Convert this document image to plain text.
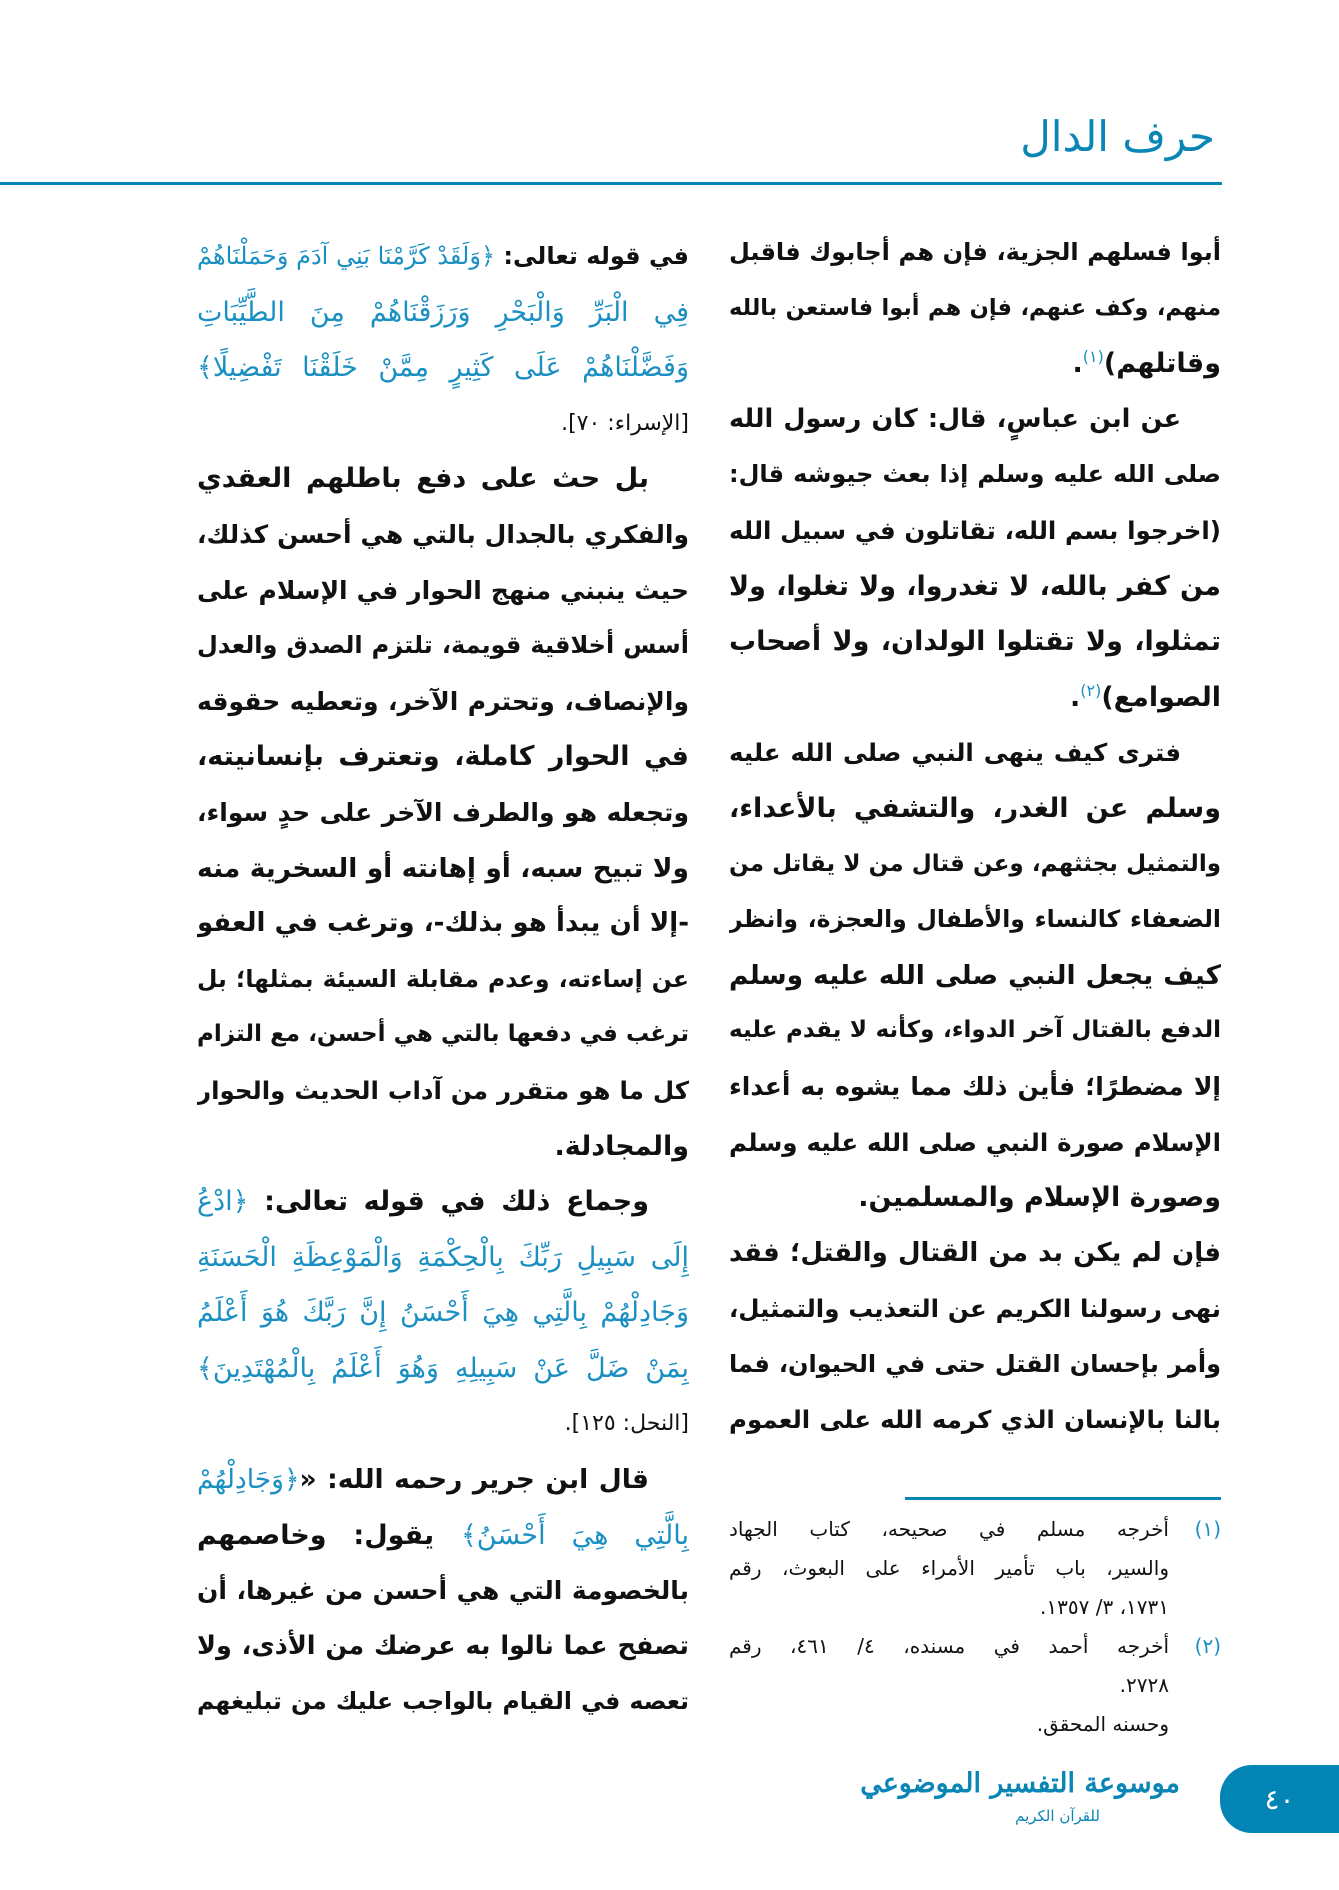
حرف الدال
أبوا فسلهم الجزية، فإن هم أجابوك فاقبل
منهم، وكف عنهم، فإن هم أبوا فاستعن بالله
وقاتلهم)$^{(١)}$.
عن ابن عباسٍ، قال: كان رسول الله
صلى الله عليه وسلم إذا بعث جيوشه قال:
(اخرجوا بسم الله، تقاتلون في سبيل الله
من كفر بالله، لا تغدروا، ولا تغلوا، ولا
تمثلوا، ولا تقتلوا الولدان، ولا أصحاب
الصوامع)$^{(٢)}$.
فترى كيف ينهى النبي صلى الله عليه
وسلم عن الغدر، والتشفي بالأعداء،
والتمثيل بجثثهم، وعن قتال من لا يقاتل من
الضعفاء كالنساء والأطفال والعجزة، وانظر
كيف يجعل النبي صلى الله عليه وسلم
الدفع بالقتال آخر الدواء، وكأنه لا يقدم عليه
إلا مضطرًا؛ فأين ذلك مما يشوه به أعداء
الإسلام صورة النبي صلى الله عليه وسلم
وصورة الإسلام والمسلمين.
فإن لم يكن بد من القتال والقتل؛ فقد
نهى رسولنا الكريم عن التعذيب والتمثيل،
وأمر بإحسان القتل حتى في الحيوان، فما
بالنا بالإنسان الذي كرمه الله على العموم
في قوله تعالى: ﴿وَلَقَدْ كَرَّمْنَا بَنِي آدَمَ وَحَمَلْنَاهُمْ
فِي الْبَرِّ وَالْبَحْرِ وَرَزَقْنَاهُمْ مِنَ الطَّيِّبَاتِ
وَفَضَّلْنَاهُمْ عَلَى كَثِيرٍ مِمَّنْ خَلَقْنَا تَفْضِيلًا﴾
[الإسراء: ٧٠].
بل حث على دفع باطلهم العقدي
والفكري بالجدال بالتي هي أحسن كذلك،
حيث ينبني منهج الحوار في الإسلام على
أسس أخلاقية قويمة، تلتزم الصدق والعدل
والإنصاف، وتحترم الآخر، وتعطيه حقوقه
في الحوار كاملة، وتعترف بإنسانيته،
وتجعله هو والطرف الآخر على حدٍ سواء،
ولا تبيح سبه، أو إهانته أو السخرية منه
-إلا أن يبدأ هو بذلك-، وترغب في العفو
عن إساءته، وعدم مقابلة السيئة بمثلها؛ بل
ترغب في دفعها بالتي هي أحسن، مع التزام
كل ما هو متقرر من آداب الحديث والحوار
والمجادلة.
وجماع ذلك في قوله تعالى: ﴿ادْعُ
إِلَى سَبِيلِ رَبِّكَ بِالْحِكْمَةِ وَالْمَوْعِظَةِ الْحَسَنَةِ
وَجَادِلْهُمْ بِالَّتِي هِيَ أَحْسَنُ إِنَّ رَبَّكَ هُوَ أَعْلَمُ
بِمَنْ ضَلَّ عَنْ سَبِيلِهِ وَهُوَ أَعْلَمُ بِالْمُهْتَدِينَ﴾
[النحل: ١٢٥].
قال ابن جرير رحمه الله: «﴿وَجَادِلْهُمْ
بِالَّتِي هِيَ أَحْسَنُ﴾ يقول: وخاصمهم
بالخصومة التي هي أحسن من غيرها، أن
تصفح عما نالوا به عرضك من الأذى، ولا
تعصه في القيام بالواجب عليك من تبليغهم
(١)
أخرجه مسلم في صحيحه، كتاب الجهاد
والسير، باب تأمير الأمراء على البعوث، رقم
١٧٣١، ٣/ ١٣٥٧.
(٢)
أخرجه أحمد في مسنده، ٤/ ٤٦١، رقم
٢٧٢٨.
وحسنه المحقق.
موسوعة التفسير الموضوعي
للقرآن الكريم
٤٠
